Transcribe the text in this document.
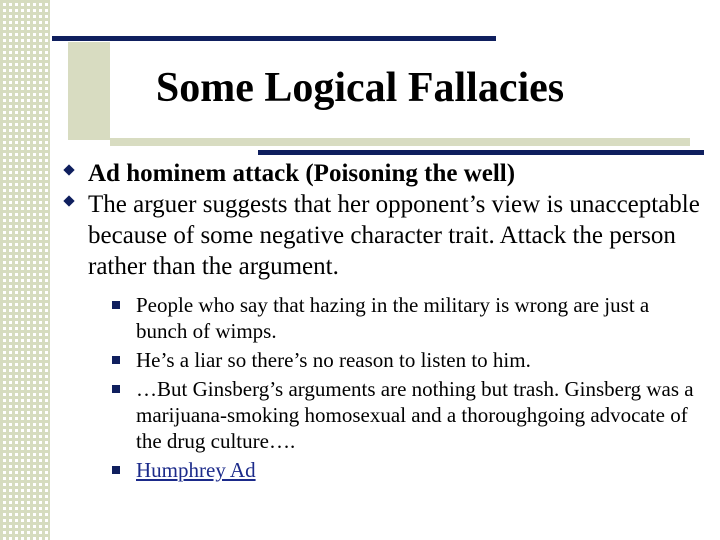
Some Logical Fallacies
Ad hominem attack (Poisoning the well)
The arguer suggests that her opponent’s view is unacceptable because of some negative character trait. Attack the person rather than the argument.
People who say that hazing in the military is wrong are just a bunch of wimps.
He’s a liar so there’s no reason to listen to him.
…But Ginsberg’s arguments are nothing but trash. Ginsberg was a marijuana-smoking homosexual and a thoroughgoing advocate of the drug culture….
Humphrey Ad
